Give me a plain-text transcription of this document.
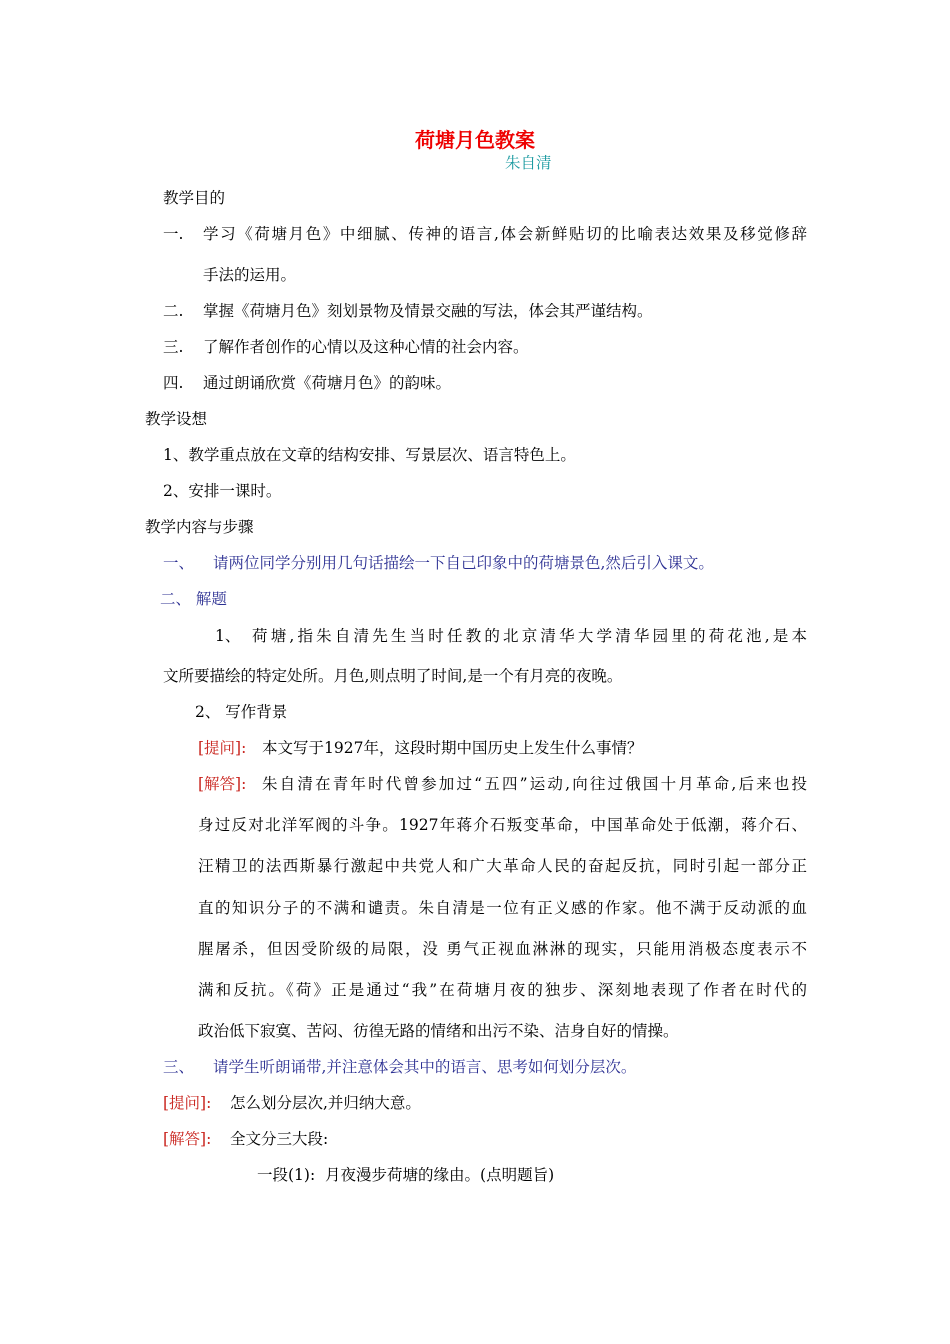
荷塘月色教案
朱自清
教学目的
一. 学习《荷塘月色》中细腻、传神的语言,体会新鲜贴切的比喻表达效果及移觉修辞
手法的运用。
二. 掌握《荷塘月色》刻划景物及情景交融的写法，体会其严谨结构。
三. 了解作者创作的心情以及这种心情的社会内容。
四. 通过朗诵欣赏《荷塘月色》的韵味。
教学设想
1、教学重点放在文章的结构安排、写景层次、语言特色上。
2、安排一课时。
教学内容与步骤
一、 请两位同学分别用几句话描绘一下自己印象中的荷塘景色,然后引入课文。
二、 解题
1、 荷塘,指朱自清先生当时任教的北京清华大学清华园里的荷花池,是本
文所要描绘的特定处所。月色,则点明了时间,是一个有月亮的夜晚。
2、 写作背景
[提问]: 本文写于1927年，这段时期中国历史上发生什么事情？
[解答]: 朱自清在青年时代曾参加过“五四”运动,向往过俄国十月革命,后来也投
身过反对北洋军阀的斗争。1927年蒋介石叛变革命，中国革命处于低潮，蒋介石、
汪精卫的法西斯暴行激起中共党人和广大革命人民的奋起反抗，同时引起一部分正
直的知识分子的不满和谴责。朱自清是一位有正义感的作家。他不满于反动派的血
腥屠杀，但因受阶级的局限，没 勇气正视血淋淋的现实，只能用消极态度表示不
满和反抗。《荷》正是通过“我”在荷塘月夜的独步、深刻地表现了作者在时代的
政治低下寂寞、苦闷、彷徨无路的情绪和出污不染、洁身自好的情操。
三、 请学生听朗诵带,并注意体会其中的语言、思考如何划分层次。
[提问]: 怎么划分层次,并归纳大意。
[解答]: 全文分三大段:
一段(1):  月夜漫步荷塘的缘由。(点明题旨)
